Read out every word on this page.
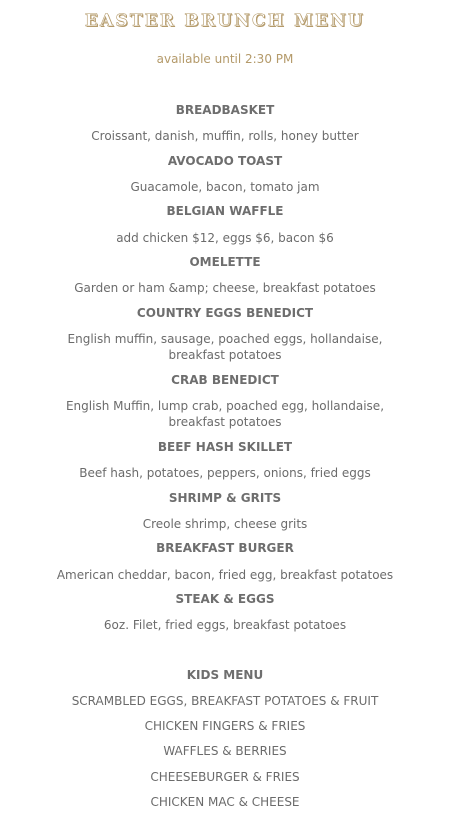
EASTER BRUNCH MENU
available until 2:30 PM
BREADBASKET
Croissant, danish, muffin, rolls, honey butter
AVOCADO TOAST
Guacamole, bacon, tomato jam
BELGIAN WAFFLE
add chicken $12, eggs $6, bacon $6
OMELETTE
Garden or ham &amp; cheese, breakfast potatoes
COUNTRY EGGS BENEDICT
English muffin, sausage, poached eggs, hollandaise, breakfast potatoes
CRAB BENEDICT
English Muffin, lump crab, poached egg, hollandaise, breakfast potatoes
BEEF HASH SKILLET
Beef hash, potatoes, peppers, onions, fried eggs
SHRIMP & GRITS
Creole shrimp, cheese grits
BREAKFAST BURGER
American cheddar, bacon, fried egg, breakfast potatoes
STEAK & EGGS
6oz. Filet, fried eggs, breakfast potatoes
KIDS MENU
SCRAMBLED EGGS, BREAKFAST POTATOES & FRUIT
CHICKEN FINGERS & FRIES
WAFFLES & BERRIES
CHEESEBURGER & FRIES
CHICKEN MAC & CHEESE
